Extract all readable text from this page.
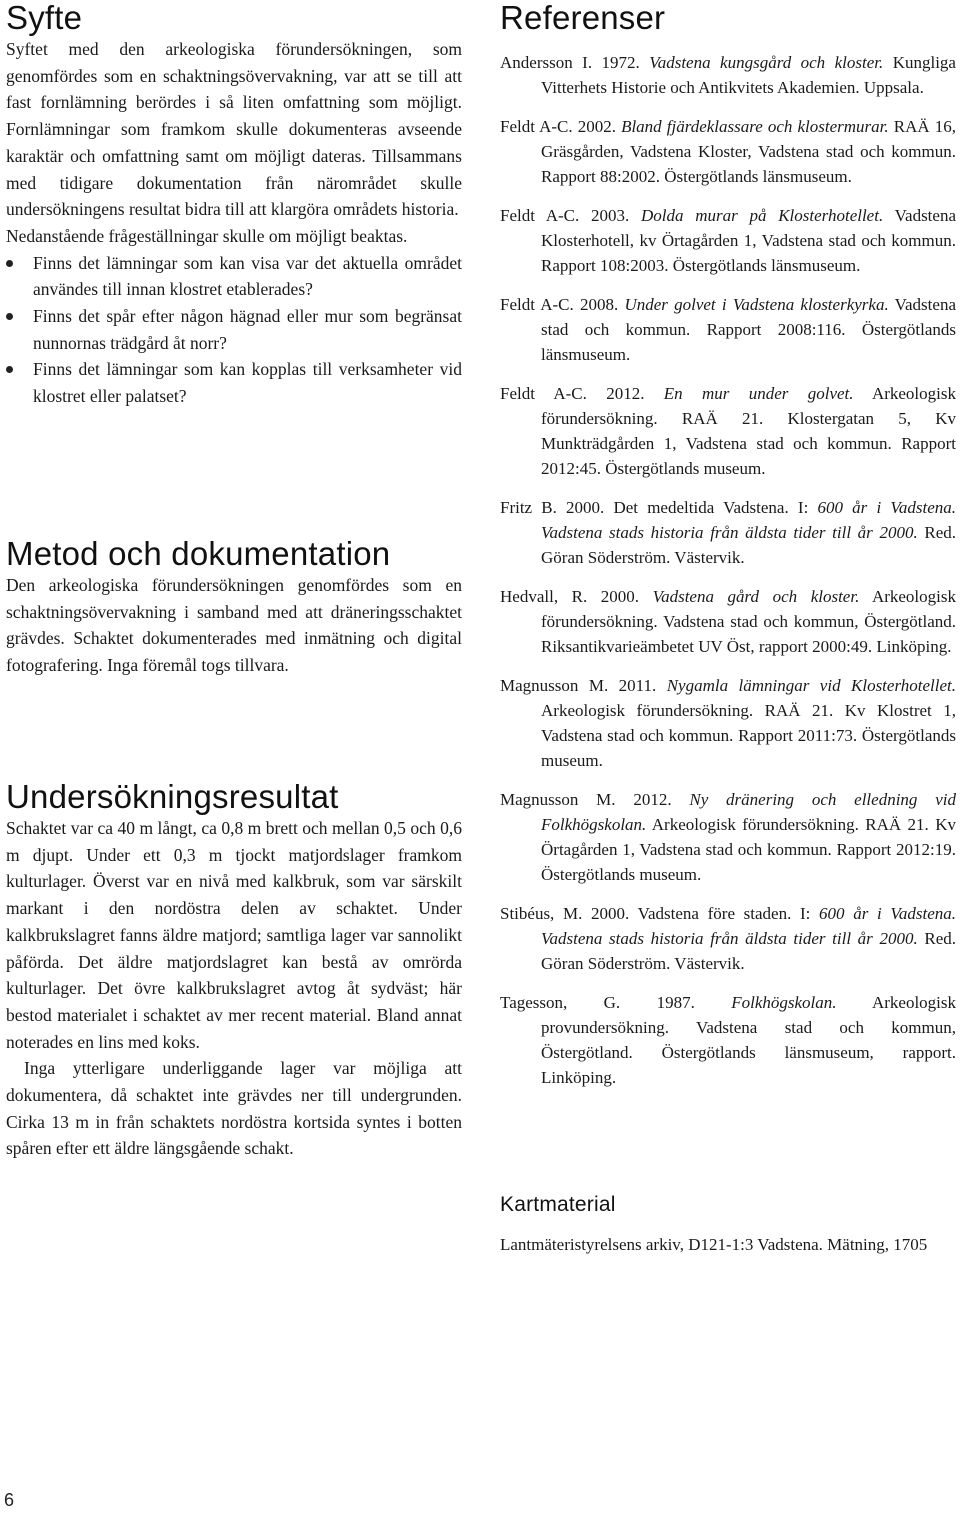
Syfte

Syftet med den arkeologiska förundersökningen, som genomfördes som en schaktningsövervakning, var att se till att fast fornlämning berördes i så liten omfattning som möjligt. Fornlämningar som framkom skulle dokumenteras avseende karaktär och omfattning samt om möjligt dateras. Tillsammans med tidigare dokumentation från närområdet skulle undersökningens resultat bidra till att klargöra områdets historia.

Nedanstående frågeställningar skulle om möjligt beaktas.

Finns det lämningar som kan visa var det aktuella området användes till innan klostret etablerades?
Finns det spår efter någon hägnad eller mur som begränsat nunnornas trädgård åt norr?
Finns det lämningar som kan kopplas till verksamheter vid klostret eller palatset?
Metod och dokumentation

Den arkeologiska förundersökningen genomfördes som en schaktningsövervakning i samband med att dräneringsschaktet grävdes. Schaktet dokumenterades med inmätning och digital fotografering. Inga föremål togs tillvara.

Undersökningsresultat

Schaktet var ca 40 m långt, ca 0,8 m brett och mellan 0,5 och 0,6 m djupt. Under ett 0,3 m tjockt matjordslager framkom kulturlager. Överst var en nivå med kalkbruk, som var särskilt markant i den nordöstra delen av schaktet. Under kalkbrukslagret fanns äldre matjord; samtliga lager var sannolikt påförda. Det äldre matjordslagret kan bestå av omrörda kulturlager. Det övre kalkbrukslagret avtog åt sydväst; här bestod materialet i schaktet av mer recent material. Bland annat noterades en lins med koks.

Inga ytterligare underliggande lager var möjliga att dokumentera, då schaktet inte grävdes ner till undergrunden. Cirka 13 m in från schaktets nordöstra kortsida syntes i botten spåren efter ett äldre längsgående schakt.

Referenser

Andersson I. 1972. Vadstena kungsgård och kloster. Kungliga Vitterhets Historie och Antikvitets Akademien. Uppsala.

Feldt A-C. 2002. Bland fjärdeklassare och klostermurar. RAÄ 16, Gräsgården, Vadstena Kloster, Vadstena stad och kommun. Rapport 88:2002. Östergötlands länsmuseum.

Feldt A-C. 2003. Dolda murar på Klosterhotellet. Vadstena Klosterhotell, kv Örtagården 1, Vadstena stad och kommun. Rapport 108:2003. Östergötlands länsmuseum.

Feldt A-C. 2008. Under golvet i Vadstena klosterkyrka. Vadstena stad och kommun. Rapport 2008:116. Östergötlands länsmuseum.

Feldt A-C. 2012. En mur under golvet. Arkeologisk förundersökning. RAÄ 21. Klostergatan 5, Kv Munkträdgården 1, Vadstena stad och kommun. Rapport 2012:45. Östergötlands museum.

Fritz B. 2000. Det medeltida Vadstena. I: 600 år i Vadstena. Vadstena stads historia från äldsta tider till år 2000. Red. Göran Söderström. Västervik.

Hedvall, R. 2000. Vadstena gård och kloster. Arkeologisk förundersökning. Vadstena stad och kommun, Östergötland. Riksantikvarieämbetet UV Öst, rapport 2000:49. Linköping.

Magnusson M. 2011. Nygamla lämningar vid Klosterhotellet. Arkeologisk förundersökning. RAÄ 21. Kv Klostret 1, Vadstena stad och kommun. Rapport 2011:73. Östergötlands museum.

Magnusson M. 2012. Ny dränering och elledning vid Folkhögskolan. Arkeologisk förundersökning. RAÄ 21. Kv Örtagården 1, Vadstena stad och kommun. Rapport 2012:19. Östergötlands museum.

Stibéus, M. 2000. Vadstena före staden. I: 600 år i Vadstena. Vadstena stads historia från äldsta tider till år 2000. Red. Göran Söderström. Västervik.

Tagesson, G. 1987. Folkhögskolan. Arkeologisk provundersökning. Vadstena stad och kommun, Östergötland. Östergötlands länsmuseum, rapport. Linköping.

Kartmaterial

Lantmäteristyrelsens arkiv, D121-1:3 Vadstena. Mätning, 1705

6
